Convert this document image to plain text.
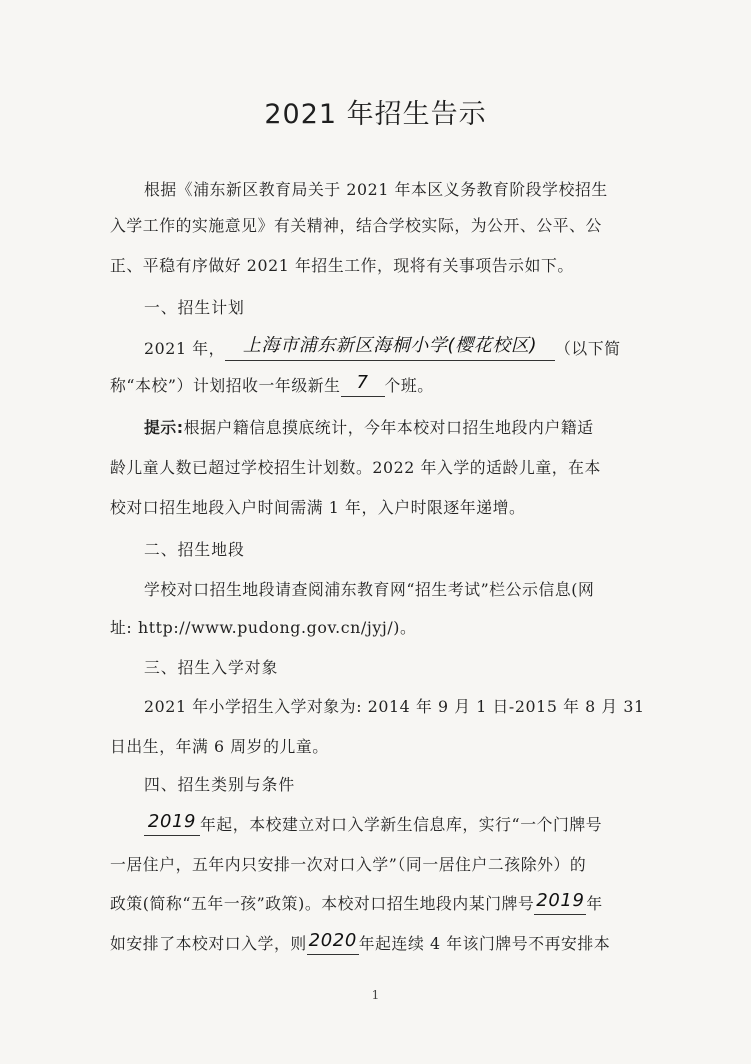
2021 年招生告示
根据《浦东新区教育局关于 2021 年本区义务教育阶段学校招生
入学工作的实施意见》有关精神，结合学校实际，为公开、公平、公
正、平稳有序做好 2021 年招生工作，现将有关事项告示如下。
一、招生计划
2021 年， 上海市浦东新区海桐小学(樱花校区) （以下简
称“本校”）计划招收一年级新生 7 个班。
提示:根据户籍信息摸底统计，今年本校对口招生地段内户籍适
龄儿童人数已超过学校招生计划数。2022 年入学的适龄儿童，在本
校对口招生地段入户时间需满 1 年，入户时限逐年递增。
二、招生地段
学校对口招生地段请查阅浦东教育网“招生考试”栏公示信息(网
址: http://www.pudong.gov.cn/jyj/)。
三、招生入学对象
2021 年小学招生入学对象为: 2014 年 9 月 1 日-2015 年 8 月 31
日出生，年满 6 周岁的儿童。
四、招生类别与条件
2019 年起，本校建立对口入学新生信息库，实行“一个门牌号
一居住户，五年内只安排一次对口入学”（同一居住户二孩除外）的
政策(简称“五年一孩”政策)。本校对口招生地段内某门牌号 2019 年
如安排了本校对口入学，则 2020 年起连续 4 年该门牌号不再安排本
1
